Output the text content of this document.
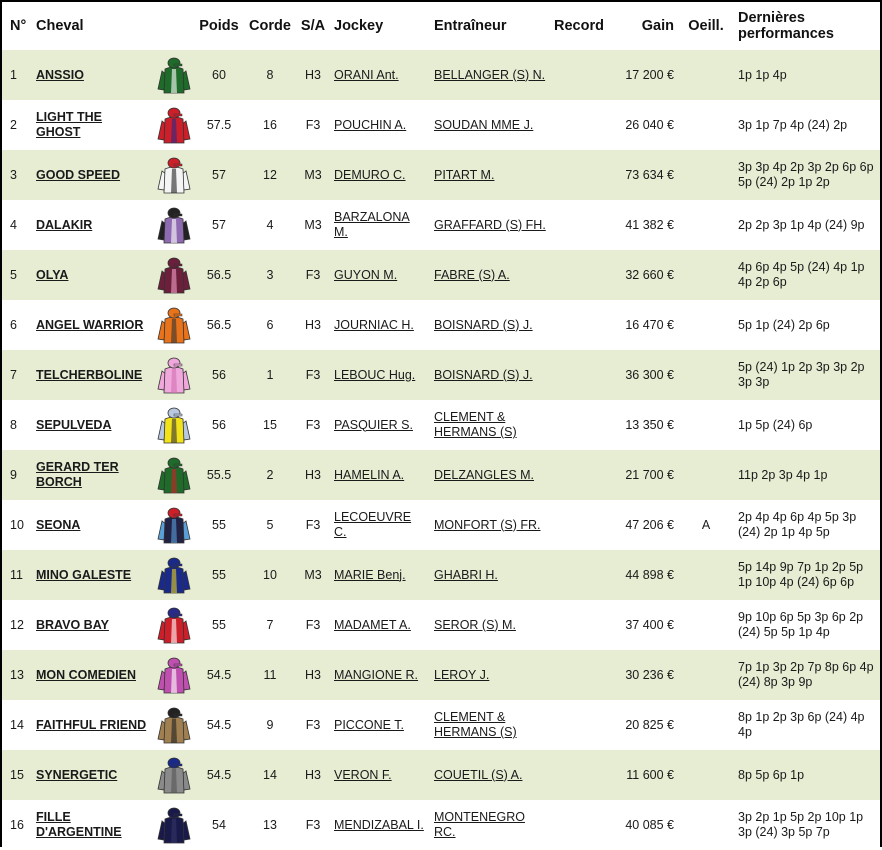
N°	Cheval		Poids	Corde	S/A	Jockey	Entraîneur	Record	Gain	Oeill.	Dernières performances
1	ANSSIO		60	8	H3	ORANI Ant.	BELLANGER (S) N.		17 200 €		1p 1p 4p
2	LIGHT THE GHOST		57.5	16	F3	POUCHIN A.	SOUDAN MME J.		26 040 €		3p 1p 7p 4p (24) 2p
3	GOOD SPEED		57	12	M3	DEMURO C.	PITART M.		73 634 €		3p 3p 4p 2p 3p 2p 6p 6p 5p (24) 2p 1p 2p
4	DALAKIR		57	4	M3	BARZALONA M.	GRAFFARD (S) FH.		41 382 €		2p 2p 3p 1p 4p (24) 9p
5	OLYA		56.5	3	F3	GUYON M.	FABRE (S) A.		32 660 €		4p 6p 4p 5p (24) 4p 1p 4p 2p 6p
6	ANGEL WARRIOR		56.5	6	H3	JOURNIAC H.	BOISNARD (S) J.		16 470 €		5p 1p (24) 2p 6p
7	TELCHERBOLINE		56	1	F3	LEBOUC Hug.	BOISNARD (S) J.		36 300 €		5p (24) 1p 2p 3p 3p 2p 3p 3p
8	SEPULVEDA		56	15	F3	PASQUIER S.	CLEMENT & HERMANS (S)		13 350 €		1p 5p (24) 6p
9	GERARD TER BORCH		55.5	2	H3	HAMELIN A.	DELZANGLES M.		21 700 €		11p 2p 3p 4p 1p
10	SEONA		55	5	F3	LECOEUVRE C.	MONFORT (S) FR.		47 206 €	A	2p 4p 4p 6p 4p 5p 3p (24) 2p 1p 4p 5p
11	MINO GALESTE		55	10	M3	MARIE Benj.	GHABRI H.		44 898 €		5p 14p 9p 7p 1p 2p 5p 1p 10p 4p (24) 6p 6p
12	BRAVO BAY		55	7	F3	MADAMET A.	SEROR (S) M.		37 400 €		9p 10p 6p 5p 3p 6p 2p (24) 5p 5p 1p 4p
13	MON COMEDIEN		54.5	11	H3	MANGIONE R.	LEROY J.		30 236 €		7p 1p 3p 2p 7p 8p 6p 4p (24) 8p 3p 9p
14	FAITHFUL FRIEND		54.5	9	F3	PICCONE T.	CLEMENT & HERMANS (S)		20 825 €		8p 1p 2p 3p 6p (24) 4p 4p
15	SYNERGETIC		54.5	14	H3	VERON F.	COUETIL (S) A.		11 600 €		8p 5p 6p 1p
16	FILLE D'ARGENTINE		54	13	F3	MENDIZABAL I.	MONTENEGRO RC.		40 085 €		3p 2p 1p 5p 2p 10p 1p 3p (24) 3p 5p 7p
